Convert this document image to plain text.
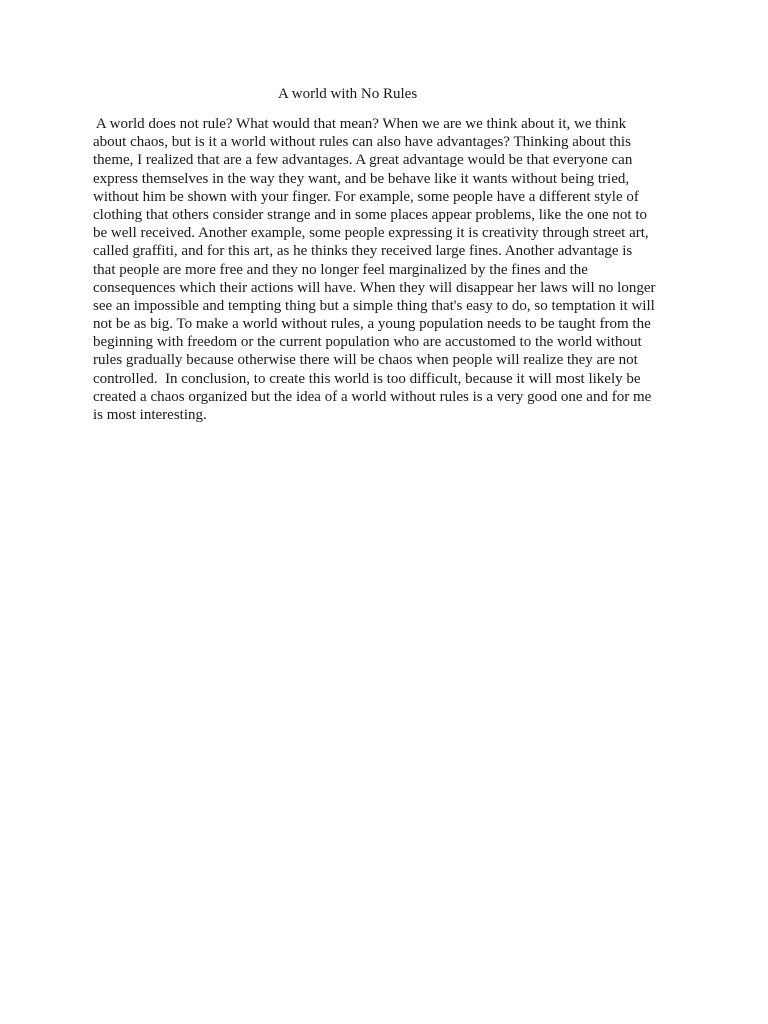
A world with No Rules
A world does not rule? What would that mean? When we are we think about it, we think
about chaos, but is it a world without rules can also have advantages? Thinking about this
theme, I realized that are a few advantages. A great advantage would be that everyone can
express themselves in the way they want, and be behave like it wants without being tried,
without him be shown with your finger. For example, some people have a different style of
clothing that others consider strange and in some places appear problems, like the one not to
be well received. Another example, some people expressing it is creativity through street art,
called graffiti, and for this art, as he thinks they received large fines. Another advantage is
that people are more free and they no longer feel marginalized by the fines and the
consequences which their actions will have. When they will disappear her laws will no longer
see an impossible and tempting thing but a simple thing that's easy to do, so temptation it will
not be as big. To make a world without rules, a young population needs to be taught from the
beginning with freedom or the current population who are accustomed to the world without
rules gradually because otherwise there will be chaos when people will realize they are not
controlled.  In conclusion, to create this world is too difficult, because it will most likely be
created a chaos organized but the idea of a world without rules is a very good one and for me
is most interesting.
